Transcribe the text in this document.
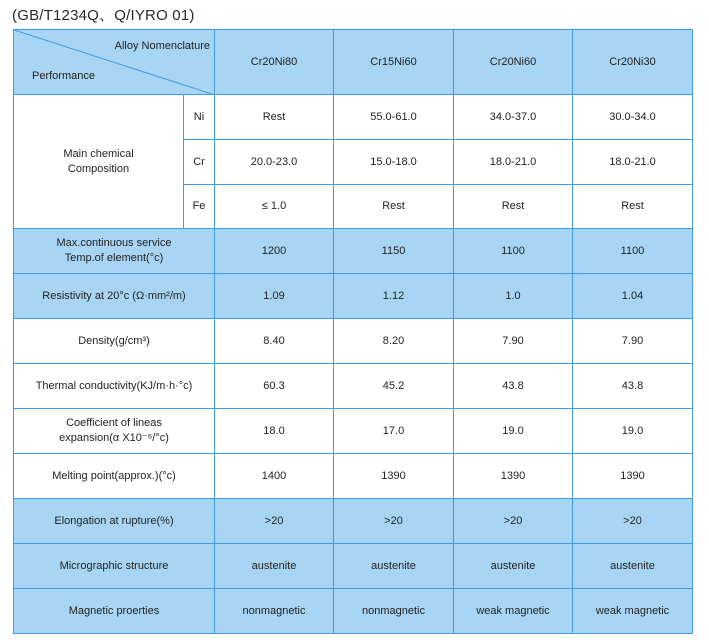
(GB/T1234Q、Q/IYRO 01)
Alloy Nomenclature
Performance		Cr20Ni80	Cr15Ni60	Cr20Ni60	Cr20Ni30

Main chemical
Composition	Ni	Rest	55.0-61.0	34.0-37.0	30.0-34.0
	Cr	20.0-23.0	15.0-18.0	18.0-21.0	18.0-21.0
	Fe	≤ 1.0	Rest	Rest	Rest

Max.continuous service
Temp.of element(°c)		1200	1150	1100	1100
Resistivity at 20°c (Ω·mm²/m)		1.09	1.12	1.0	1.04
Density(g/cm³)		8.40	8.20	7.90	7.90
Thermal conductivity(KJ/m·h·°c)		60.3	45.2	43.8	43.8

Coefficient of lineas
expansion(α X10⁻⁶/°c)		18.0	17.0	19.0	19.0
Melting point(approx.)(°c)		1400	1390	1390	1390
Elongation at rupture(%)		>20	>20	>20	>20
Micrographic structure		austenite	austenite	austenite	austenite
Magnetic proerties		nonmagnetic	nonmagnetic	weak magnetic	weak magnetic
